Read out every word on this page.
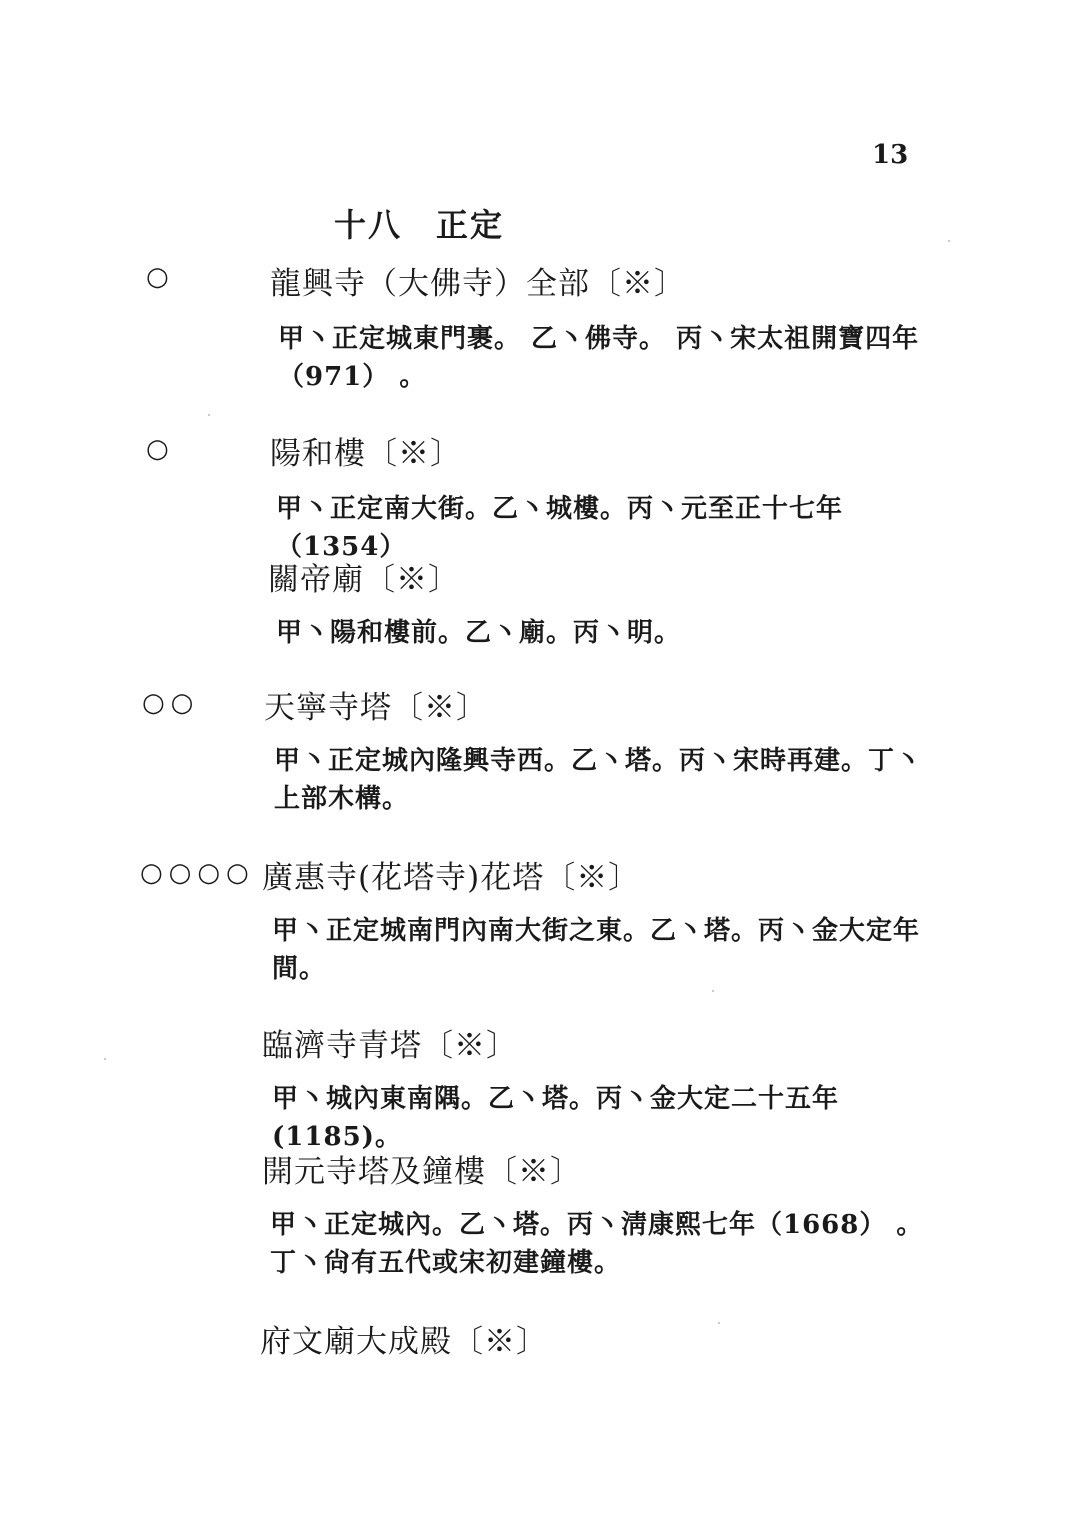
13
十八　正定
○	龍興寺（大佛寺）全部〔※〕
甲丶正定城東門裹。 乙丶佛寺。 丙丶宋太祖開寶四年（971） 。
○	陽和樓〔※〕
甲丶正定南大街。乙丶城樓。丙丶元至正十七年（1354）
關帝廟〔※〕
甲丶陽和樓前。乙丶廟。丙丶明。
○○ 天寧寺塔〔※〕
甲丶正定城內隆興寺西。乙丶塔。丙丶宋時再建。丁丶上部木構。
○○○○ 廣惠寺(花塔寺)花塔〔※〕
甲丶正定城南門內南大街之東。乙丶塔。丙丶金大定年間。
臨濟寺青塔〔※〕
甲丶城內東南隅。乙丶塔。丙丶金大定二十五年(1185)。
開元寺塔及鐘樓〔※〕
甲丶正定城內。乙丶塔。丙丶淸康熙七年（1668） 。丁丶尙有五代或宋初建鐘樓。
府文廟大成殿〔※〕
